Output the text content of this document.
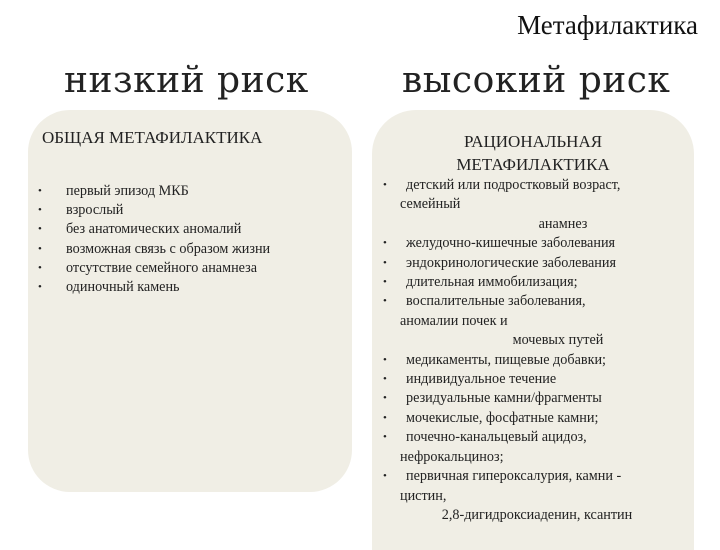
Метафилактика
низкий риск	высокий риск
ОБЩАЯ МЕТАФИЛАКТИКА
• первый эпизод МКБ
• взрослый
• без анатомических аномалий
• возможная связь с образом жизни
• отсутствие семейного анамнеза
• одиночный камень
РАЦИОНАЛЬНАЯ
МЕТАФИЛАКТИКА
•	детский или подростковый возраст,
семейный
анамнез
•	желудочно-кишечные заболевания
•	эндокринологические заболевания
•	длительная иммобилизация;
•	воспалительные заболевания,
аномалии почек и
мочевых путей
•	медикаменты, пищевые добавки;
•	индивидуальное течение
•	резидуальные камни/фрагменты
•	мочекислые, фосфатные камни;
•	почечно-канальцевый ацидоз,
нефрокальциноз;
•	первичная гипероксалурия, камни -
цистин,
2,8-дигидроксиаденин, ксантин
